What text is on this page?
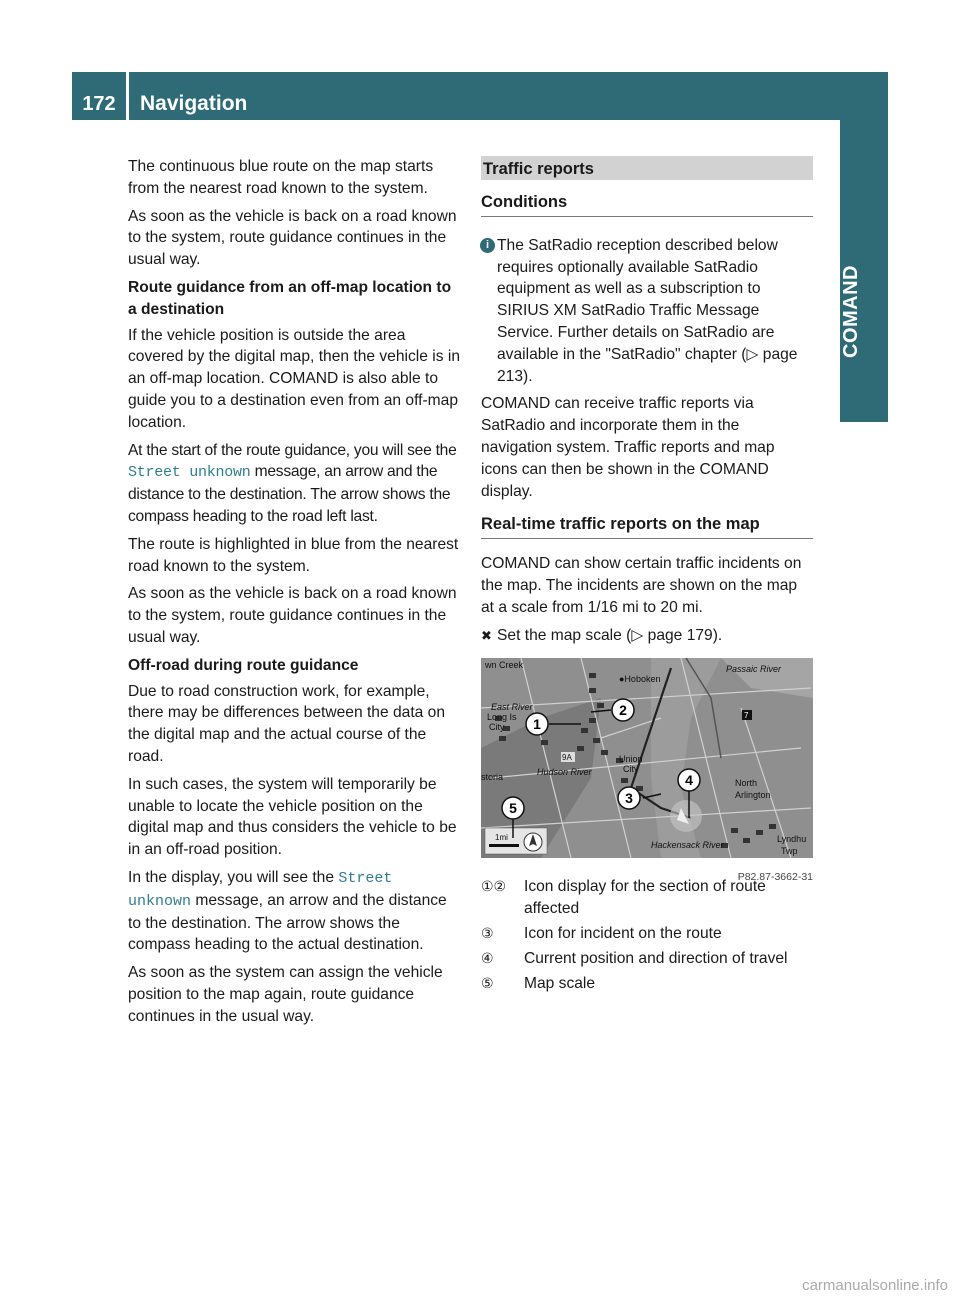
172	Navigation
COMAND

The continuous blue route on the map starts from the nearest road known to the system.

As soon as the vehicle is back on a road known to the system, route guidance continues in the usual way.

Route guidance from an off-map location to a destination

If the vehicle position is outside the area covered by the digital map, then the vehicle is in an off-map location. COMAND is also able to guide you to a destination even from an off-map location.

At the start of the route guidance, you will see the Street unknown message, an arrow and the distance to the destination. The arrow shows the compass heading to the road left last.

The route is highlighted in blue from the nearest road known to the system.

As soon as the vehicle is back on a road known to the system, route guidance continues in the usual way.

Off-road during route guidance

Due to road construction work, for example, there may be differences between the data on the digital map and the actual course of the road.

In such cases, the system will temporarily be unable to locate the vehicle position on the digital map and thus considers the vehicle to be in an off-road position.

In the display, you will see the Street unknown message, an arrow and the distance to the destination. The arrow shows the compass heading to the actual destination.

As soon as the system can assign the vehicle position to the map again, route guidance continues in the usual way.

Traffic reports
Conditions

i The SatRadio reception described below requires optionally available SatRadio equipment as well as a subscription to SIRIUS XM SatRadio Traffic Message Service. Further details on SatRadio are available in the "SatRadio" chapter (▷ page 213).

COMAND can receive traffic reports via SatRadio and incorporate them in the navigation system. Traffic reports and map icons can then be shown in the COMAND display.

Real-time traffic reports on the map

COMAND can show certain traffic incidents on the map. The incidents are shown on the map at a scale from 1/16 mi to 20 mi.

✖ Set the map scale (▷ page 179).

●Hoboken
Passaic River
wn Creek
East River
Long Is
City
Hudson River
Union
City
North
Arlington
storia
Hackensack River
Lyndhu
Twp
7
9A
1mi
1
2
3
4
5
P82.87-3662-31
①② Icon display for the section of route affected
③ Icon for incident on the route
④ Current position and direction of travel
⑤ Map scale
carmanualsonline.info
